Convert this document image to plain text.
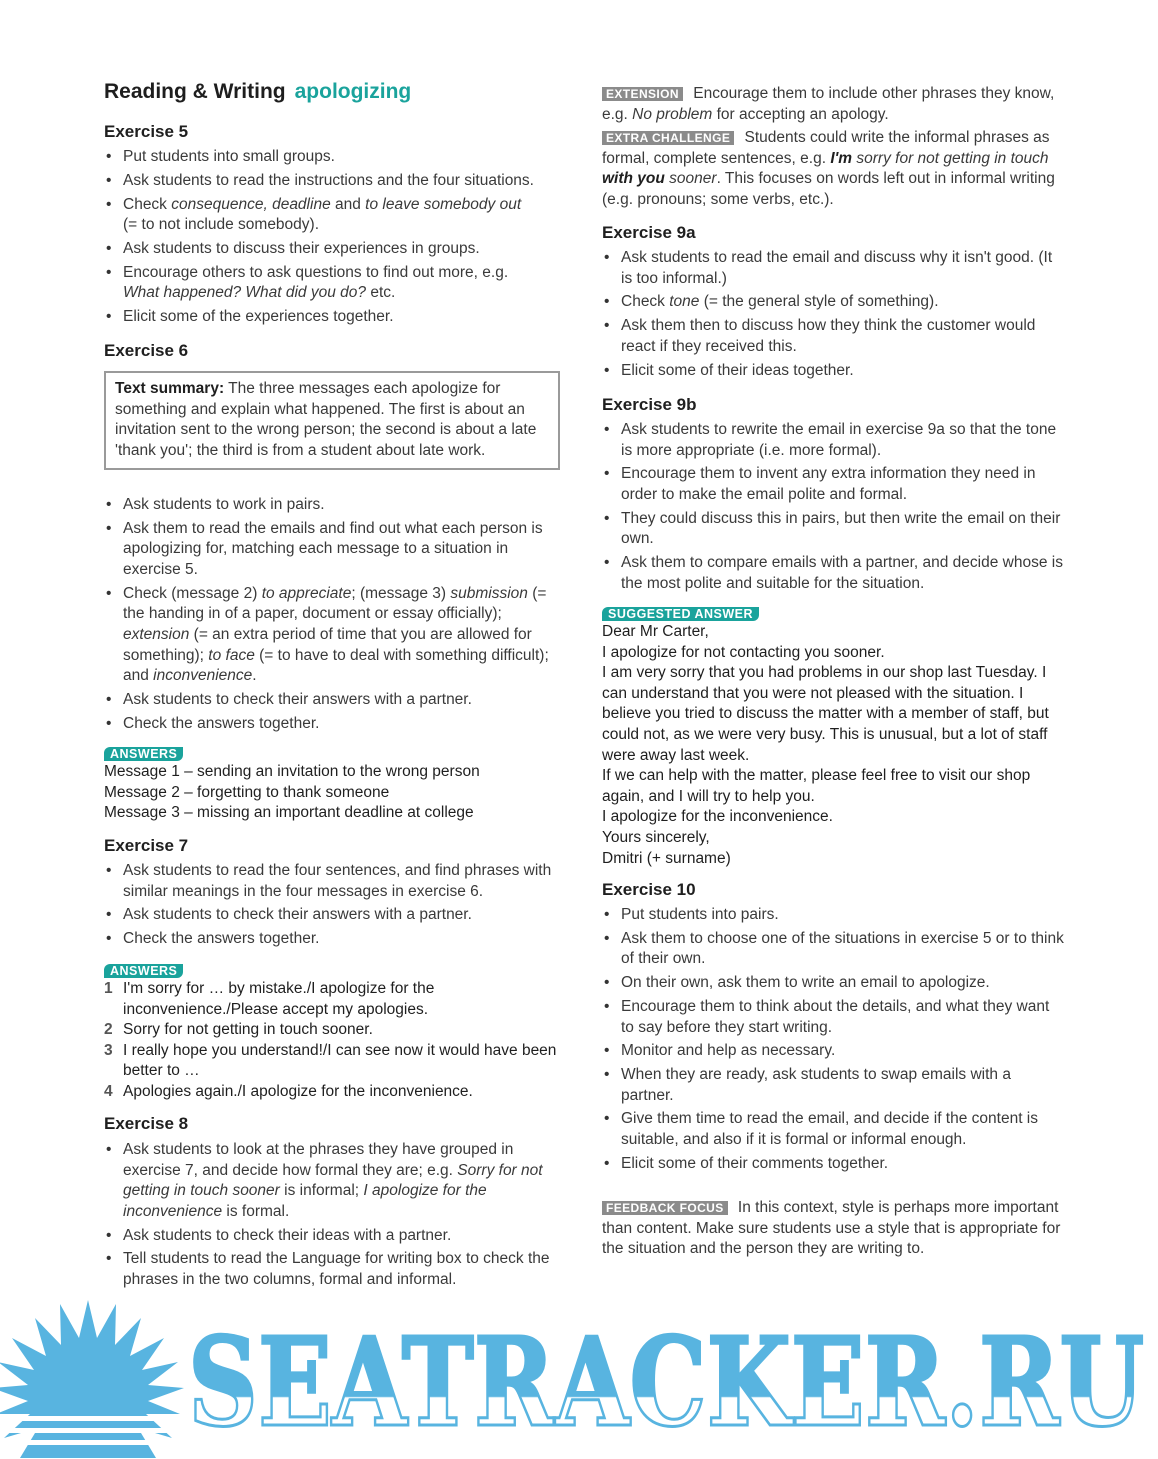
Reading & Writing apologizing
Exercise 5
• Put students into small groups.
• Ask students to read the instructions and the four situations.
• Check consequence, deadline and to leave somebody out
(= to not include somebody).
• Ask students to discuss their experiences in groups.
• Encourage others to ask questions to find out more, e.g.
What happened? What did you do? etc.
• Elicit some of the experiences together.
Exercise 6
Text summary: The three messages each apologize for something and explain what happened. The first is about an invitation sent to the wrong person; the second is about a late 'thank you'; the third is from a student about late work.
• Ask students to work in pairs.
• Ask them to read the emails and find out what each person is apologizing for, matching each message to a situation in exercise 5.
• Check (message 2) to appreciate; (message 3) submission (= the handing in of a paper, document or essay officially); extension (= an extra period of time that you are allowed for something); to face (= to have to deal with something difficult); and inconvenience.
• Ask students to check their answers with a partner.
• Check the answers together.
ANSWERS
Message 1 – sending an invitation to the wrong person
Message 2 – forgetting to thank someone
Message 3 – missing an important deadline at college
Exercise 7
• Ask students to read the four sentences, and find phrases with similar meanings in the four messages in exercise 6.
• Ask students to check their answers with a partner.
• Check the answers together.
ANSWERS
1 I'm sorry for … by mistake./I apologize for the inconvenience./Please accept my apologies.
2 Sorry for not getting in touch sooner.
3 I really hope you understand!/I can see now it would have been better to …
4 Apologies again./I apologize for the inconvenience.
Exercise 8
• Ask students to look at the phrases they have grouped in exercise 7, and decide how formal they are; e.g. Sorry for not getting in touch sooner is informal; I apologize for the inconvenience is formal.
• Ask students to check their ideas with a partner.
• Tell students to read the Language for writing box to check the phrases in the two columns, formal and informal.
EXTENSION Encourage them to include other phrases they know, e.g. No problem for accepting an apology.
EXTRA CHALLENGE Students could write the informal phrases as formal, complete sentences, e.g. I'm sorry for not getting in touch with you sooner. This focuses on words left out in informal writing (e.g. pronouns; some verbs, etc.).
Exercise 9a
• Ask students to read the email and discuss why it isn't good. (It is too informal.)
• Check tone (= the general style of something).
• Ask them then to discuss how they think the customer would react if they received this.
• Elicit some of their ideas together.
Exercise 9b
• Ask students to rewrite the email in exercise 9a so that the tone is more appropriate (i.e. more formal).
• Encourage them to invent any extra information they need in order to make the email polite and formal.
• They could discuss this in pairs, but then write the email on their own.
• Ask them to compare emails with a partner, and decide whose is the most polite and suitable for the situation.
SUGGESTED ANSWER
Dear Mr Carter,
I apologize for not contacting you sooner.
I am very sorry that you had problems in our shop last Tuesday. I can understand that you were not pleased with the situation. I believe you tried to discuss the matter with a member of staff, but could not, as we were very busy. This is unusual, but a lot of staff were away last week.
If we can help with the matter, please feel free to visit our shop again, and I will try to help you.
I apologize for the inconvenience.
Yours sincerely,
Dmitri (+ surname)
Exercise 10
• Put students into pairs.
• Ask them to choose one of the situations in exercise 5 or to think of their own.
• On their own, ask them to write an email to apologize.
• Encourage them to think about the details, and what they want to say before they start writing.
• Monitor and help as necessary.
• When they are ready, ask students to swap emails with a partner.
• Give them time to read the email, and decide if the content is suitable, and also if it is formal or informal enough.
• Elicit some of their comments together.
FEEDBACK FOCUS In this context, style is perhaps more important than content. Make sure students use a style that is appropriate for the situation and the person they are writing to.
SEATRACKER.RU
